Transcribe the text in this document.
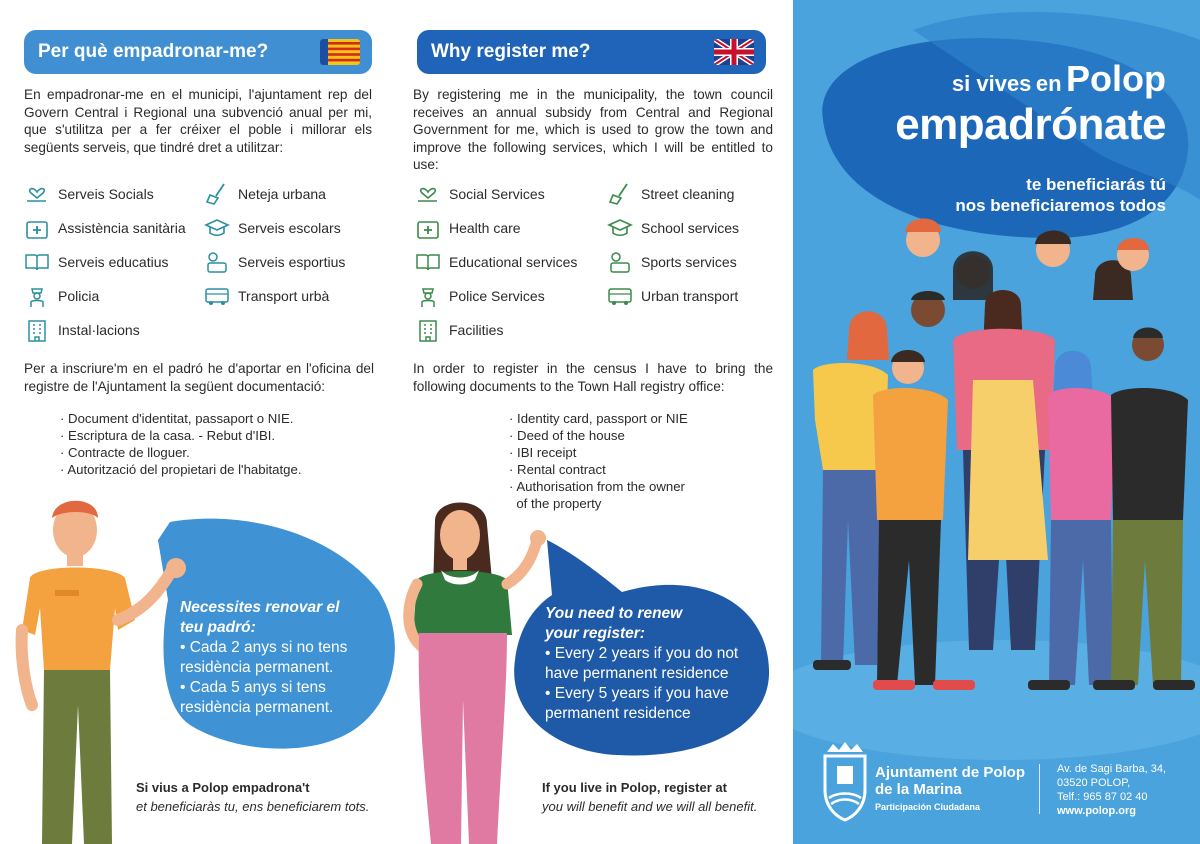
Per què empadronar-me?

En empadronar-me en el municipi, l'ajuntament rep del Govern Central i Regional una subvenció anual per mi, que s'utilitza per a fer créixer el poble i millorar els següents serveis, que tindré dret a utilitzar:

Serveis Socials	Neteja urbana
Assistència sanitària	Serveis escolars
Serveis educatius	Serveis esportius
Policia	Transport urbà
Instal·lacions

Per a inscriure'm en el padró he d'aportar en l'oficina del registre de l'Ajuntament la següent documentació:

· Document d'identitat, passaport o NIE.
· Escriptura de la casa. - Rebut d'IBI.
· Contracte de lloguer.
· Autorització del propietari de l'habitatge.
Necessites renovar el
teu padró:
• Cada 2 anys si no tens
residència permanent.
• Cada 5 anys si tens
residència permanent.
Si vius a Polop empadrona't
et beneficiaràs tu, ens beneficiarem tots.
Why register me?

By registering me in the municipality, the town council receives an annual subsidy from Central and Regional Government for me, which is used to grow the town and improve the following services, which I will be entitled to use:

Social Services	Street cleaning
Health care	School services
Educational services	Sports services
Police Services	Urban transport
Facilities

In order to register in the census I have to bring the following documents to the Town Hall registry office:

· Identity card, passport or NIE
· Deed of the house
· IBI receipt
· Rental contract
· Authorisation from the owner
of the property
You need to renew
your register:
• Every 2 years if you do not
have permanent residence
• Every 5 years if you have
permanent residence
If you live in Polop, register at
you will benefit and we will all benefit.
si vives en Polop
empadrónate
te beneficiarás tú
nos beneficiaremos todos
Ajuntament de Polop de la Marina
Participación Ciudadana
Av. de Sagi Barba, 34,
03520 POLOP,
Telf.: 965 87 02 40
www.polop.org
